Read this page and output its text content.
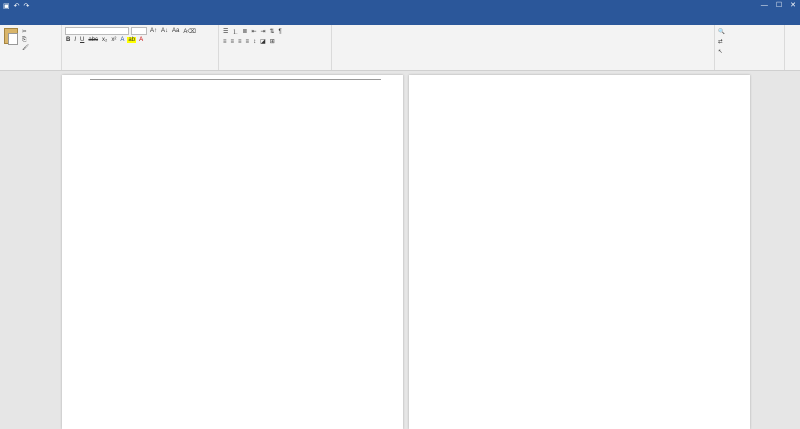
▣ ↶ ↷	— ☐ ✕
✂
⎘
🖌
A↑ A↓ Aa A⌫
B I U abc x₂ x² A ab A
☰ ⒈ ≣ ⇤ ⇥ ⇅ ¶
≡ ≡ ≡ ≡ ↕ ◪ ⊞
🔍
⇄
↖
